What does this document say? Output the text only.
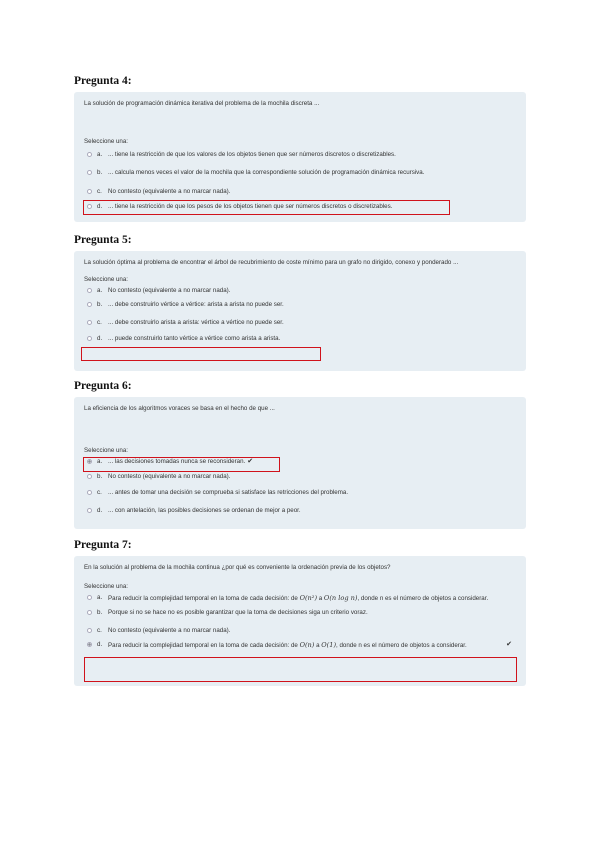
Pregunta 4:
La solución de programación dinámica iterativa del problema de la mochila discreta ...
Seleccione una:
a. ... tiene la restricción de que los valores de los objetos tienen que ser números discretos o discretizables.
b. ... calcula menos veces el valor de la mochila que la correspondiente solución de programación dinámica recursiva.
c. No contesto (equivalente a no marcar nada).
d. ... tiene la restricción de que los pesos de los objetos tienen que ser números discretos o discretizables.
Pregunta 5:
La solución óptima al problema de encontrar el árbol de recubrimiento de coste mínimo para un grafo no dirigido, conexo y ponderado ...
Seleccione una:
a. No contesto (equivalente a no marcar nada).
b. ... debe construirlo vértice a vértice: arista a arista no puede ser.
c. ... debe construirlo arista a arista: vértice a vértice no puede ser.
d. ... puede construirlo tanto vértice a vértice como arista a arista.
Pregunta 6:
La eficiencia de los algoritmos voraces se basa en el hecho de que ...
Seleccione una:
a. ... las decisiones tomadas nunca se reconsideran. ✔
b. No contesto (equivalente a no marcar nada).
c. ... antes de tomar una decisión se comprueba si satisface las retricciones del problema.
d. ... con antelación, las posibles decisiones se ordenan de mejor a peor.
Pregunta 7:
En la solución al problema de la mochila continua ¿por qué es conveniente la ordenación previa de los objetos?
Seleccione una:
a. Para reducir la complejidad temporal en la toma de cada decisión: de O(n²) a O(n log n), donde n es el número de objetos a considerar.
b. Porque si no se hace no es posible garantizar que la toma de decisiones siga un criterio voraz.
c. No contesto (equivalente a no marcar nada).
d. Para reducir la complejidad temporal en la toma de cada decisión: de O(n) a O(1), donde n es el número de objetos a considerar.	✔
